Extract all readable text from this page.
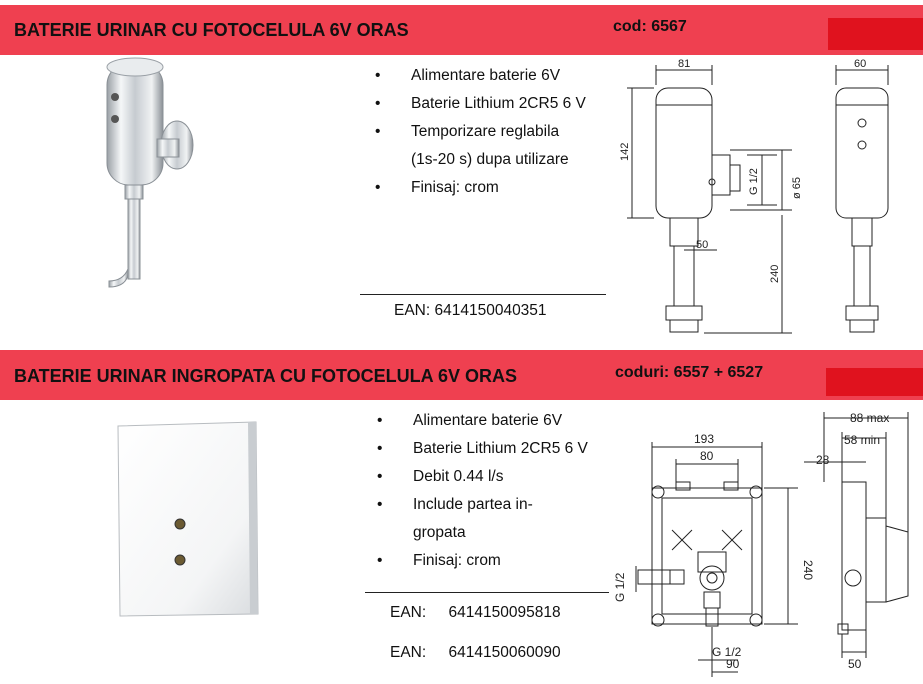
BATERIE URINAR CU FOTOCELULA 6V ORAS	cod: 6567
• Alimentare baterie 6V
• Baterie Lithium 2CR5 6 V
• Temporizare reglabila
(1s-20 s) dupa utilizare
• Finisaj: crom
EAN: 6414150040351
81	60
142
50
G 1/2	ø 65
240
BATERIE URINAR INGROPATA CU FOTOCELULA 6V ORAS	coduri: 6557 + 6527
• Alimentare baterie 6V
• Baterie Lithium 2CR5 6 V
• Debit 0.44 l/s
• Include partea in-
gropata
• Finisaj: crom
EAN: 6414150095818
EAN: 6414150060090
193
80
240
G 1/2
G 1/2
90
88 max
58 min
28
50
